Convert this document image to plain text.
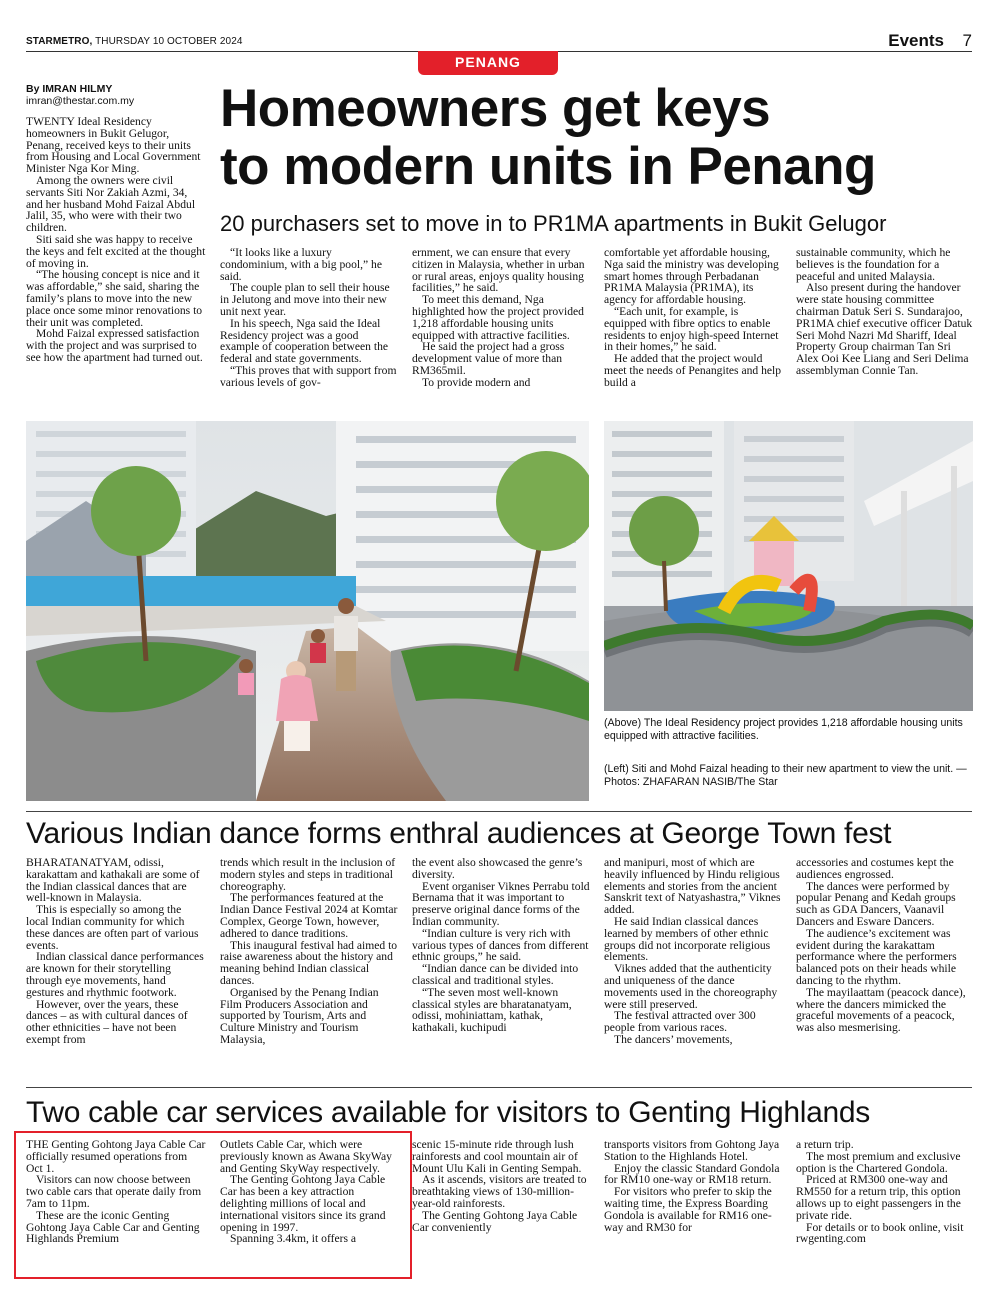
STARMETRO, THURSDAY 10 OCTOBER 2024	Events 7
PENANG
By IMRAN HILMY
imran@thestar.com.my Homeowners get keys
to modern units in Penang
20 purchasers set to move in to PR1MA apartments in Bukit Gelugor

TWENTY Ideal Residency homeowners in Bukit Gelugor, Penang, received keys to their units from Housing and Local Government Minister Nga Kor Ming.

Among the owners were civil servants Siti Nor Zakiah Azmi, 34, and her husband Mohd Faizal Abdul Jalil, 35, who were with their two children.

Siti said she was happy to receive the keys and felt excited at the thought of moving in.

“The housing concept is nice and it was affordable,” she said, sharing the family’s plans to move into the new place once some minor renovations to their unit was completed.

Mohd Faizal expressed satisfaction with the project and was surprised to see how the apartment had turned out.

“It looks like a luxury condominium, with a big pool,” he said.

The couple plan to sell their house in Jelutong and move into their new unit next year.

In his speech, Nga said the Ideal Residency project was a good example of cooperation between the federal and state governments.

“This proves that with support from various levels of gov-

ernment, we can ensure that every citizen in Malaysia, whether in urban or rural areas, enjoys quality housing facilities,” he said.

To meet this demand, Nga highlighted how the project provided 1,218 affordable housing units equipped with attractive facilities.

He said the project had a gross development value of more than RM365mil.

To provide modern and

comfortable yet affordable housing, Nga said the ministry was developing smart homes through Perbadanan PR1MA Malaysia (PR1MA), its agency for affordable housing.

“Each unit, for example, is equipped with fibre optics to enable residents to enjoy high-speed Internet in their homes,” he said.

He added that the project would meet the needs of Penangites and help build a

sustainable community, which he believes is the foundation for a peaceful and united Malaysia.

Also present during the handover were state housing committee chairman Datuk Seri S. Sundarajoo, PR1MA chief executive officer Datuk Seri Mohd Nazri Md Shariff, Ideal Property Group chairman Tan Sri Alex Ooi Kee Liang and Seri Delima assemblyman Connie Tan.

(Above) The Ideal Residency project provides 1,218 affordable housing units equipped with attractive facilities.
(Left) Siti and Mohd Faizal heading to their new apartment to view the unit. — Photos: ZHAFARAN NASIB/The Star
Various Indian dance forms enthral audiences at George Town fest

BHARATANATYAM, odissi, karakattam and kathakali are some of the Indian classical dances that are well-known in Malaysia.

This is especially so among the local Indian community for which these dances are often part of various events.

Indian classical dance performances are known for their storytelling through eye movements, hand gestures and rhythmic footwork.

However, over the years, these dances – as with cultural dances of other ethnicities – have not been exempt from

trends which result in the inclusion of modern styles and steps in traditional choreography.

The performances featured at the Indian Dance Festival 2024 at Komtar Complex, George Town, however, adhered to dance traditions.

This inaugural festival had aimed to raise awareness about the history and meaning behind Indian classical dances.

Organised by the Penang Indian Film Producers Association and supported by Tourism, Arts and Culture Ministry and Tourism Malaysia,

the event also showcased the genre’s diversity.

Event organiser Viknes Perrabu told Bernama that it was important to preserve original dance forms of the Indian community.

“Indian culture is very rich with various types of dances from different ethnic groups,” he said.

“Indian dance can be divided into classical and traditional styles.

“The seven most well-known classical styles are bharatanatyam, odissi, mohiniattam, kathak, kathakali, kuchipudi

and manipuri, most of which are heavily influenced by Hindu religious elements and stories from the ancient Sanskrit text of Natyashastra,” Viknes added.

He said Indian classical dances learned by members of other ethnic groups did not incorporate religious elements.

Viknes added that the authenticity and uniqueness of the dance movements used in the choreography were still preserved.

The festival attracted over 300 people from various races.

The dancers’ movements,

accessories and costumes kept the audiences engrossed.

The dances were performed by popular Penang and Kedah groups such as GDA Dancers, Vaanavil Dancers and Esware Dancers.

The audience’s excitement was evident during the karakattam performance where the performers balanced pots on their heads while dancing to the rhythm.

The mayilaattam (peacock dance), where the dancers mimicked the graceful movements of a peacock, was also mesmerising.

Two cable car services available for visitors to Genting Highlands

THE Genting Gohtong Jaya Cable Car officially resumed operations from Oct 1.

Visitors can now choose between two cable cars that operate daily from 7am to 11pm.

These are the iconic Genting Gohtong Jaya Cable Car and Genting Highlands Premium

Outlets Cable Car, which were previously known as Awana SkyWay and Genting SkyWay respectively.

The Genting Gohtong Jaya Cable Car has been a key attraction delighting millions of local and international visitors since its grand opening in 1997.

Spanning 3.4km, it offers a

scenic 15-minute ride through lush rainforests and cool mountain air of Mount Ulu Kali in Genting Sempah.

As it ascends, visitors are treated to breathtaking views of 130-million-year-old rainforests.

The Genting Gohtong Jaya Cable Car conveniently

transports visitors from Gohtong Jaya Station to the Highlands Hotel.

Enjoy the classic Standard Gondola for RM10 one-way or RM18 return.

For visitors who prefer to skip the waiting time, the Express Boarding Gondola is available for RM16 one-way and RM30 for

a return trip.

The most premium and exclusive option is the Chartered Gondola.

Priced at RM300 one-way and RM550 for a return trip, this option allows up to eight passengers in the private ride.

For details or to book online, visit rwgenting.com
